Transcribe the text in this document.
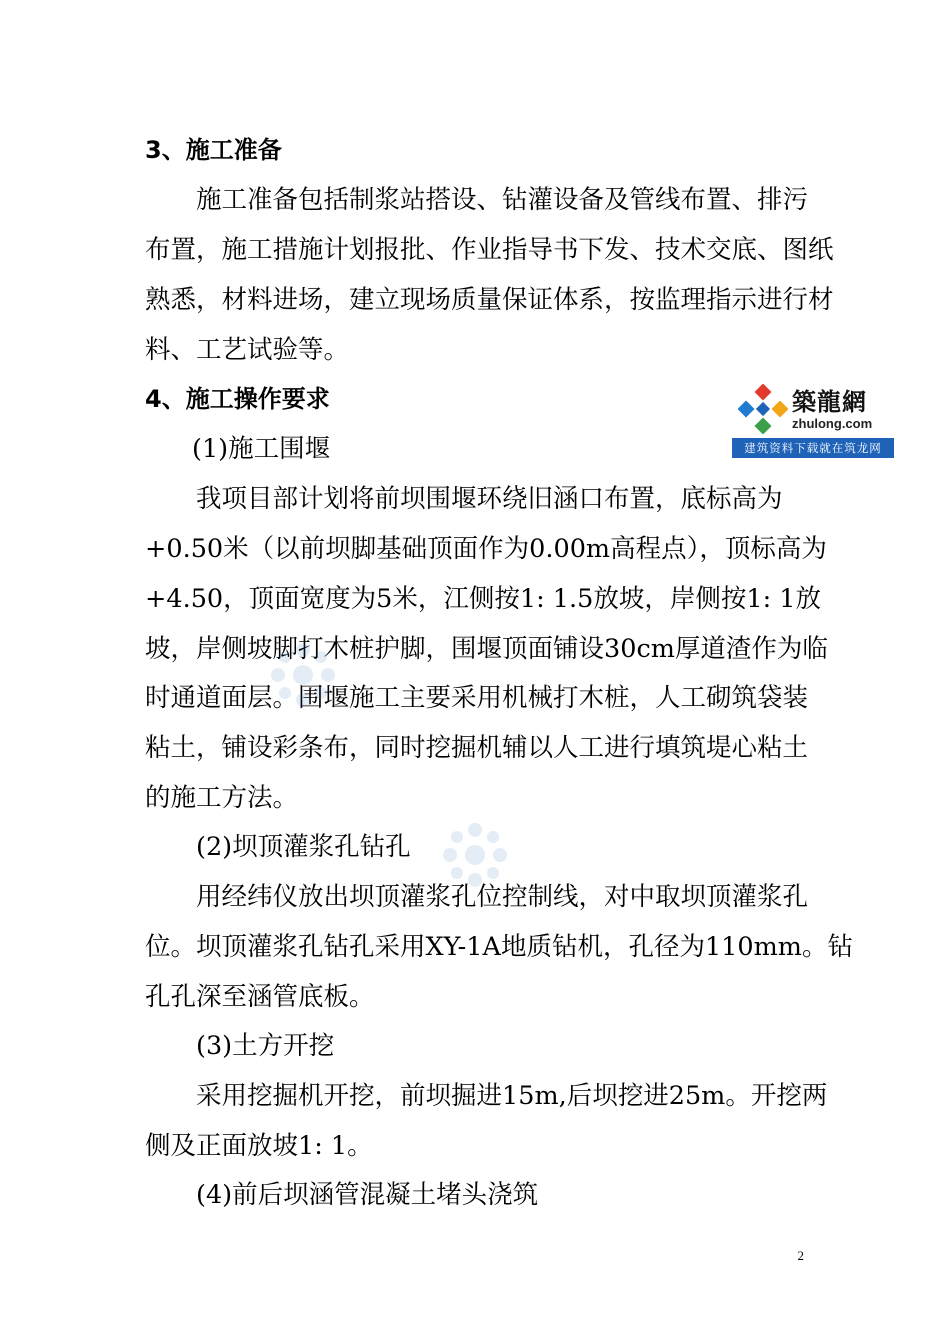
3、施工准备
施工准备包括制浆站搭设、钻灌设备及管线布置、排污
布置，施工措施计划报批、作业指导书下发、技术交底、图纸
熟悉，材料进场，建立现场质量保证体系，按监理指示进行材
料、工艺试验等。
4、施工操作要求
(1)施工围堰
我项目部计划将前坝围堰环绕旧涵口布置，底标高为
+0.50米（以前坝脚基础顶面作为0.00m高程点），顶标高为
+4.50，顶面宽度为5米，江侧按1: 1.5放坡，岸侧按1: 1放
坡，岸侧坡脚打木桩护脚，围堰顶面铺设30cm厚道渣作为临
时通道面层。围堰施工主要采用机械打木桩，人工砌筑袋装
粘土，铺设彩条布，同时挖掘机辅以人工进行填筑堤心粘土
的施工方法。
(2)坝顶灌浆孔钻孔
用经纬仪放出坝顶灌浆孔位控制线，对中取坝顶灌浆孔
位。坝顶灌浆孔钻孔采用XY-1A地质钻机，孔径为110mm。钻
孔孔深至涵管底板。
(3)土方开挖
采用挖掘机开挖，前坝掘进15m,后坝挖进25m。开挖两
侧及正面放坡1: 1。
(4)前后坝涵管混凝土堵头浇筑
2
築龍網
zhulong.com
建筑资料下载就在筑龙网
